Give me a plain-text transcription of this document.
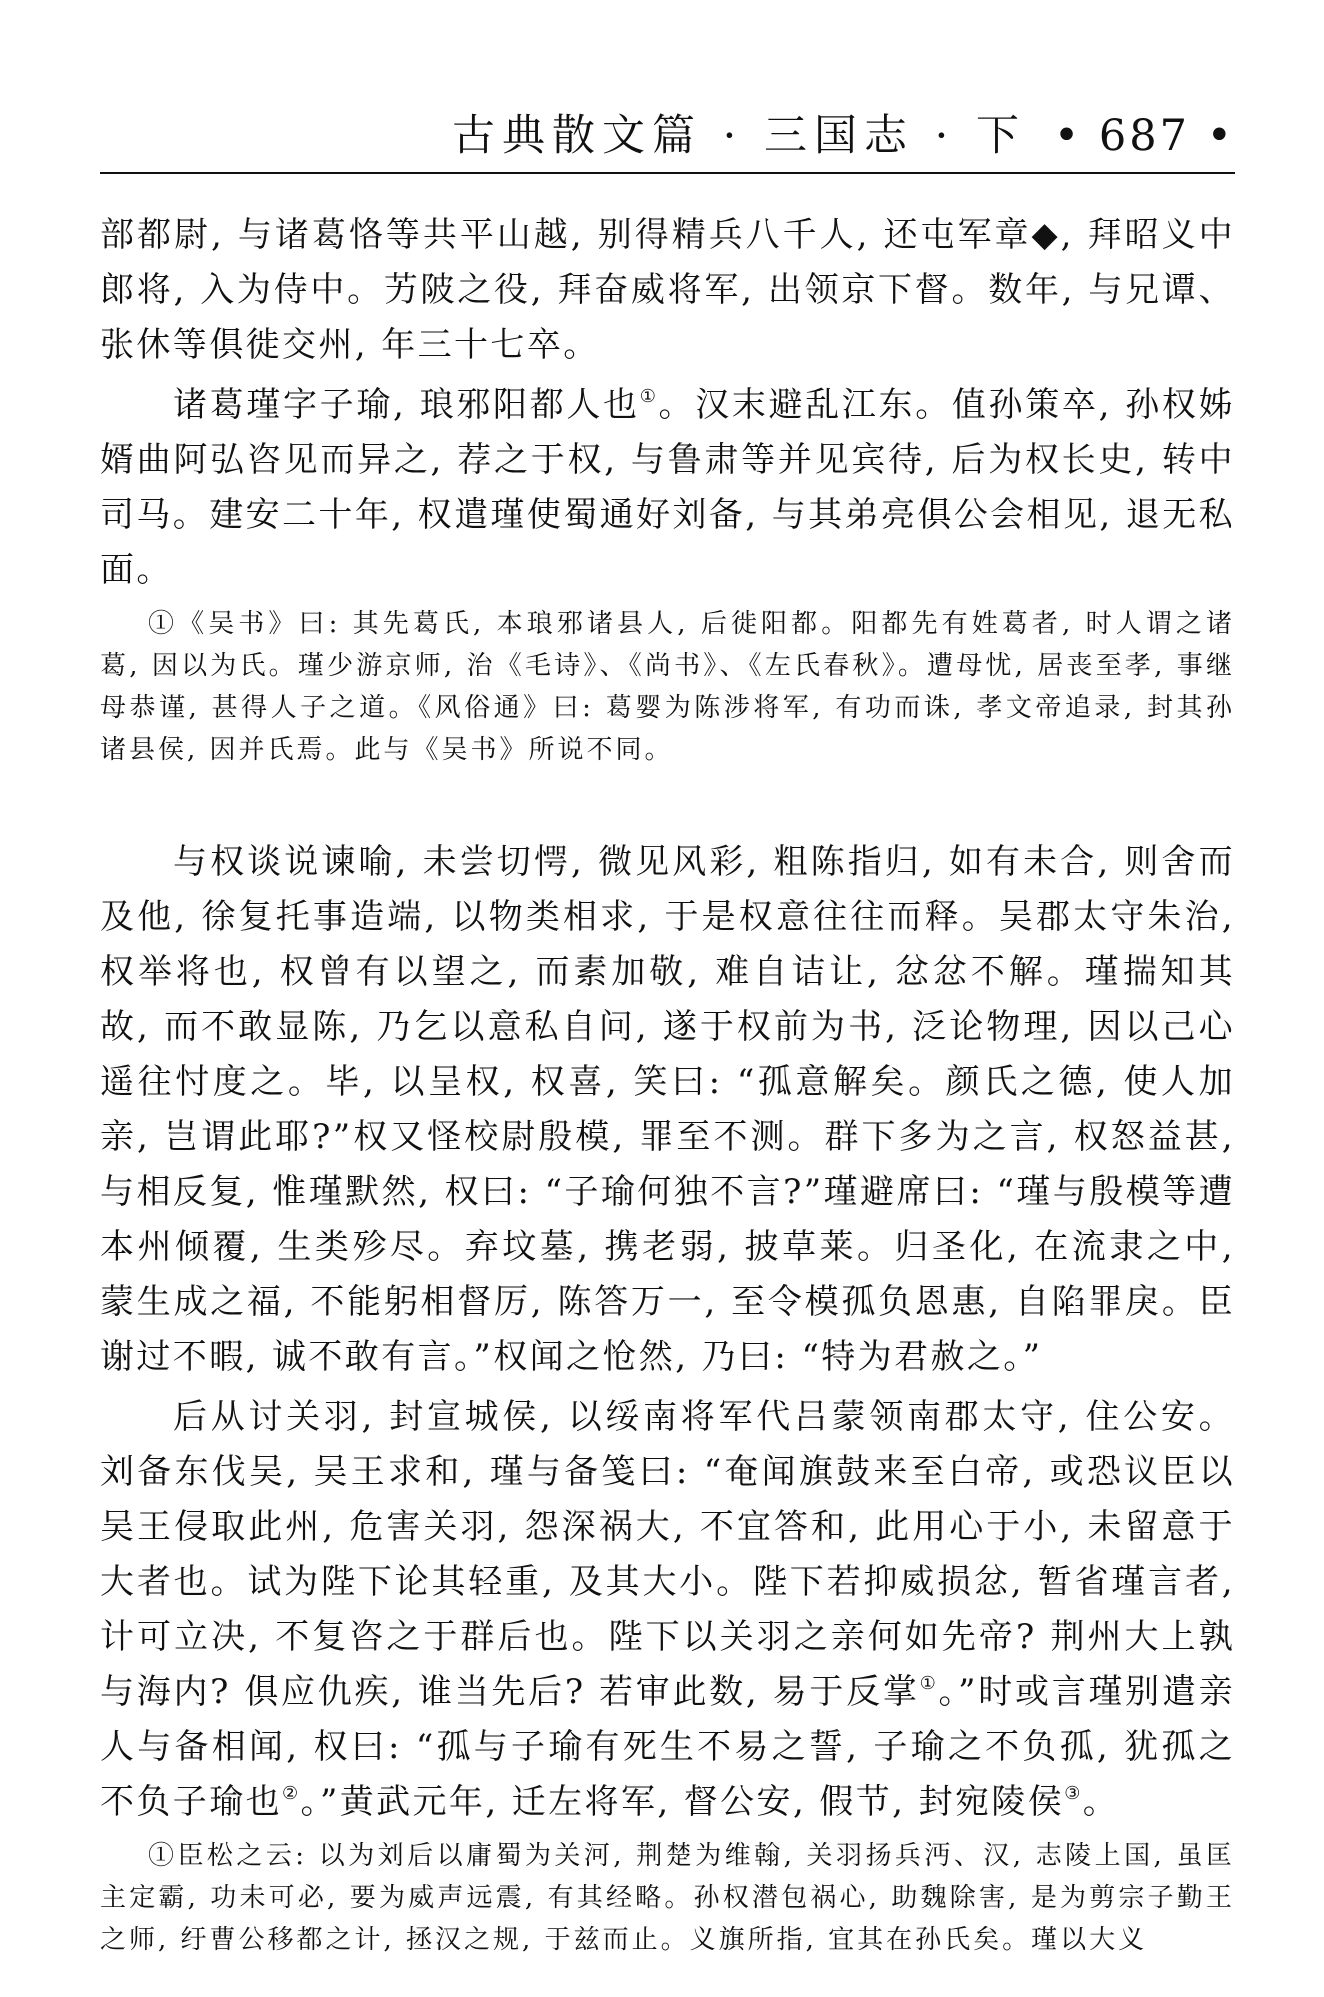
古典散文篇 · 三国志 · 下 • 687 •

部都尉, 与诸葛恪等共平山越, 别得精兵八千人, 还屯军章◆, 拜昭义中郎将, 入为侍中。艻陂之役, 拜奋威将军, 出领京下督。数年, 与兄谭、张休等俱徙交州, 年三十七卒。

诸葛瑾字子瑜, 琅邪阳都人也①。汉末避乱江东。值孙策卒, 孙权姊婿曲阿弘咨见而异之, 荐之于权, 与鲁肃等并见宾待, 后为权长史, 转中司马。建安二十年, 权遣瑾使蜀通好刘备, 与其弟亮俱公会相见, 退无私面。

①《吴书》曰: 其先葛氏, 本琅邪诸县人, 后徙阳都。阳都先有姓葛者, 时人谓之诸葛, 因以为氏。瑾少游京师, 治《毛诗》、《尚书》、《左氏春秋》。遭母忧, 居丧至孝, 事继母恭谨, 甚得人子之道。《风俗通》曰: 葛婴为陈涉将军, 有功而诛, 孝文帝追录, 封其孙诸县侯, 因并氏焉。此与《吴书》所说不同。

与权谈说谏喻, 未尝切愕, 微见风彩, 粗陈指归, 如有未合, 则舍而及他, 徐复托事造端, 以物类相求, 于是权意往往而释。吴郡太守朱治, 权举将也, 权曾有以望之, 而素加敬, 难自诘让, 忿忿不解。瑾揣知其故, 而不敢显陈, 乃乞以意私自问, 遂于权前为书, 泛论物理, 因以己心遥往忖度之。毕, 以呈权, 权喜, 笑曰: “孤意解矣。颜氏之德, 使人加亲, 岂谓此耶?”权又怪校尉殷模, 罪至不测。群下多为之言, 权怒益甚, 与相反复, 惟瑾默然, 权曰: “子瑜何独不言?”瑾避席曰: “瑾与殷模等遭本州倾覆, 生类殄尽。弃坟墓, 携老弱, 披草莱。归圣化, 在流隶之中, 蒙生成之福, 不能躬相督厉, 陈答万一, 至令模孤负恩惠, 自陷罪戾。臣谢过不暇, 诚不敢有言。”权闻之怆然, 乃曰: “特为君赦之。”

后从讨关羽, 封宣城侯, 以绥南将军代吕蒙领南郡太守, 住公安。刘备东伐吴, 吴王求和, 瑾与备笺曰: “奄闻旗鼓来至白帝, 或恐议臣以吴王侵取此州, 危害关羽, 怨深祸大, 不宜答和, 此用心于小, 未留意于大者也。试为陛下论其轻重, 及其大小。陛下若抑威损忿, 暂省瑾言者, 计可立决, 不复咨之于群后也。陛下以关羽之亲何如先帝? 荆州大上孰与海内? 俱应仇疾, 谁当先后? 若审此数, 易于反掌①。”时或言瑾别遣亲人与备相闻, 权曰: “孤与子瑜有死生不易之誓, 子瑜之不负孤, 犹孤之不负子瑜也②。”黄武元年, 迁左将军, 督公安, 假节, 封宛陵侯③。

①臣松之云: 以为刘后以庸蜀为关河, 荆楚为维翰, 关羽扬兵沔、汉, 志陵上国, 虽匡主定霸, 功未可必, 要为威声远震, 有其经略。孙权潜包祸心, 助魏除害, 是为剪宗子勤王之师, 纡曹公移都之计, 拯汉之规, 于兹而止。义旗所指, 宜其在孙氏矣。瑾以大义
